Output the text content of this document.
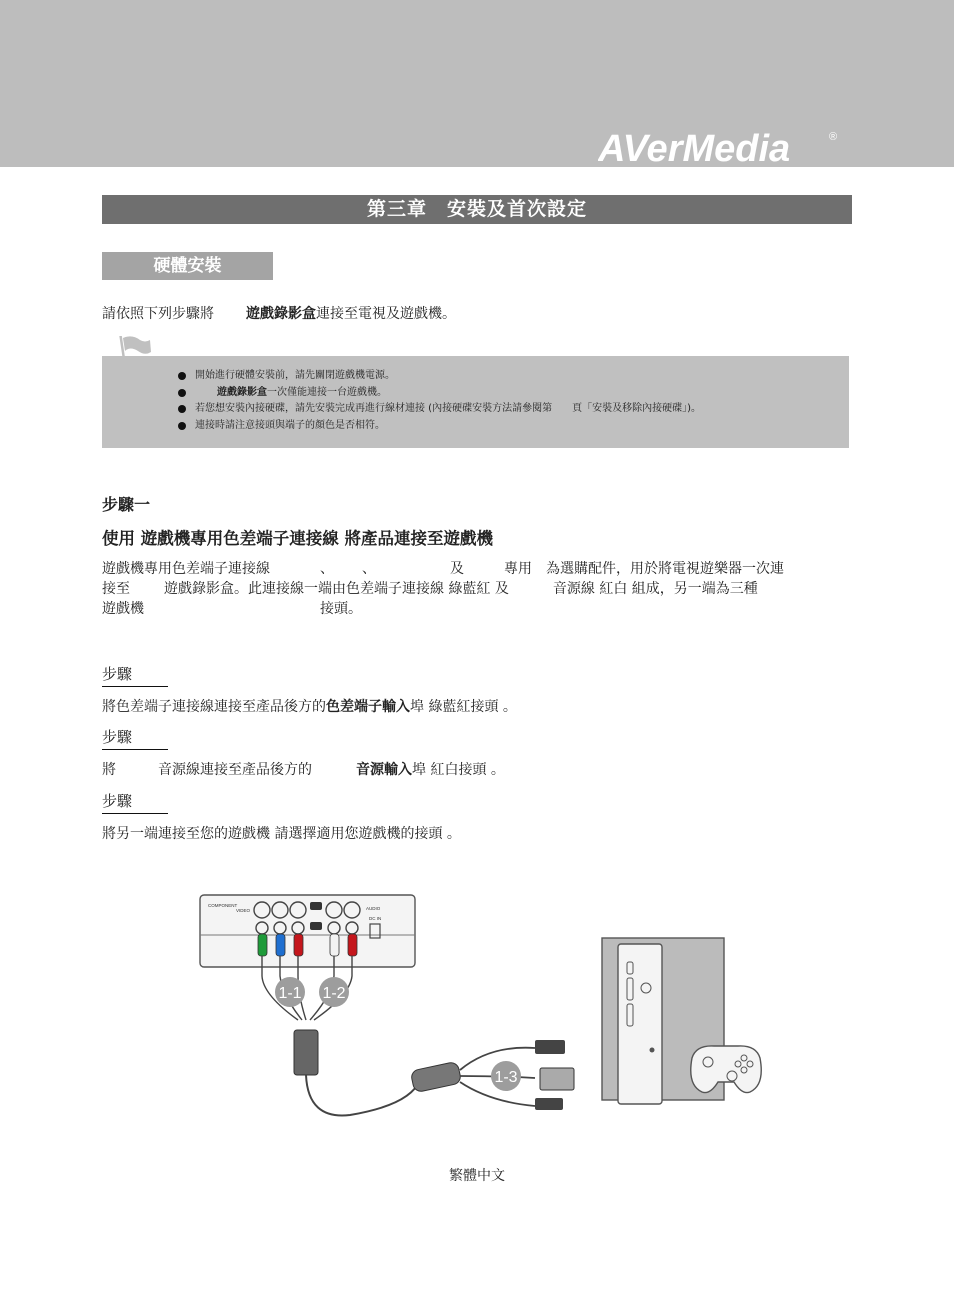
AVerMedia	®
第三章　安裝及首次設定
硬體安裝
請依照下列步驟將 遊戲錄影盒連接至電視及遊戲機。
開始進行硬體安裝前，請先關閉遊戲機電源。
遊戲錄影盒一次僅能連接一台遊戲機。
若您想安裝內接硬碟，請先安裝完成再進行線材連接 (內接硬碟安裝方法請參閱第 頁「安裝及移除內接硬碟」)。
連接時請注意接頭與端子的顏色是否相符。
步驟一
使用 遊戲機專用色差端子連接線 將產品連接至遊戲機
遊戲機專用色差端子連接線	、 、	及	專用 為選購配件，用於將電視遊樂器一次連
接至 遊戲錄影盒。此連接線一端由色差端子連接線 綠藍紅 及	音源線 紅白 組成，另一端為三種
遊戲機	接頭。
步驟
將色差端子連接線連接至產品後方的色差端子輸入埠 綠藍紅接頭 。
步驟
將	音源線連接至產品後方的	音源輸入埠 紅白接頭 。
步驟
將另一端連接至您的遊戲機 請選擇適用您遊戲機的接頭 。
COMPONENT
VIDEO	AUDIO
DC IN
1-1 1-2
1-3
繁體中文
